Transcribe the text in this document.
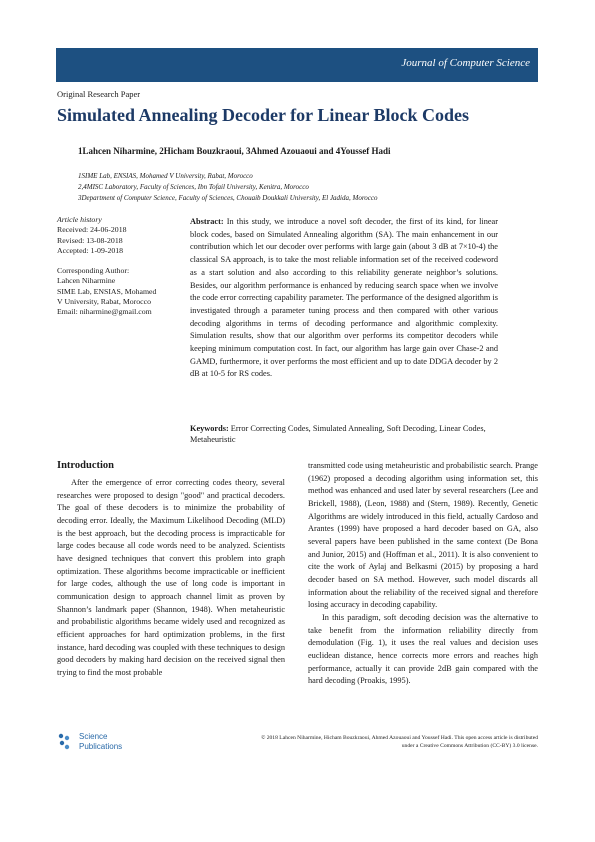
Journal of Computer Science
Original Research Paper
Simulated Annealing Decoder for Linear Block Codes
1Lahcen Niharmine, 2Hicham Bouzkraoui, 3Ahmed Azouaoui and 4Youssef Hadi
1SIME Lab, ENSIAS, Mohamed V University, Rabat, Morocco
2,4MISC Laboratory, Faculty of Sciences, Ibn Tofail University, Kenitra, Morocco
3Department of Computer Science, Faculty of Sciences, Chouaib Doukkali University, El Jadida, Morocco
Article history
Received: 24-06-2018
Revised: 13-08-2018
Accepted: 1-09-2018
Corresponding Author:
Lahcen Niharmine
SIME Lab, ENSIAS, Mohamed
V University, Rabat, Morocco
Email: niharmine@gmail.com
Abstract: In this study, we introduce a novel soft decoder, the first of its kind, for linear block codes, based on Simulated Annealing algorithm (SA). The main enhancement in our contribution which let our decoder over performs with large gain (about 3 dB at 7×10-4) the classical SA approach, is to take the most reliable information set of the received codeword as a start solution and also according to this reliability generate neighbor’s solutions. Besides, our algorithm performance is enhanced by reducing search space when we involve the code error correcting capability parameter. The performance of the designed algorithm is investigated through a parameter tuning process and then compared with other various decoding algorithms in terms of decoding performance and algorithmic complexity. Simulation results, show that our algorithm over performs its competitor decoders while keeping minimum computation cost. In fact, our algorithm has large gain over Chase-2 and GAMD, furthermore, it over performs the most efficient and up to date DDGA decoder by 2 dB at 10-5 for RS codes.
Keywords: Error Correcting Codes, Simulated Annealing, Soft Decoding, Linear Codes, Metaheuristic
Introduction
After the emergence of error correcting codes theory, several researches were proposed to design "good" and practical decoders. The goal of these decoders is to minimize the probability of decoding error. Ideally, the Maximum Likelihood Decoding (MLD) is the best approach, but the decoding process is impracticable for large codes because all code words need to be analyzed. Scientists have designed techniques that convert this problem into graph optimization. These algorithms become impracticable or inefficient for large codes, although the use of long code is important in communication design to approach channel limit as proven by Shannon’s landmark paper (Shannon, 1948). When metaheuristic and probabilistic algorithms became widely used and recognized as efficient approaches for hard optimization problems, in the first instance, hard decoding was coupled with these techniques to design good decoders by making hard decision on the received signal then trying to find the most probable

transmitted code using metaheuristic and probabilistic search. Prange (1962) proposed a decoding algorithm using information set, this method was enhanced and used later by several researchers (Lee and Brickell, 1988), (Leon, 1988) and (Stern, 1989). Recently, Genetic Algorithms are widely introduced in this field, actually Cardoso and Arantes (1999) have proposed a hard decoder based on GA, also several papers have been published in the same context (De Bona and Junior, 2015) and (Hoffman et al., 2011). It is also convenient to cite the work of Aylaj and Belkasmi (2015) by proposing a hard decoder based on SA method. However, such model discards all information about the reliability of the received signal and therefore losing accuracy in decoding capability.

In this paradigm, soft decoding decision was the alternative to take benefit from the information reliability directly from demodulation (Fig. 1), it uses the real values and decision uses euclidean distance, hence corrects more errors and reaches high performance, actually it can provide 2dB gain compared with the hard decoding (Proakis, 1995).

Science
Publications
© 2018 Lahcen Niharmine, Hicham Bouzkraoui, Ahmed Azouaoui and Youssef Hadi. This open access article is distributed
under a Creative Commons Attribution (CC-BY) 3.0 license.
